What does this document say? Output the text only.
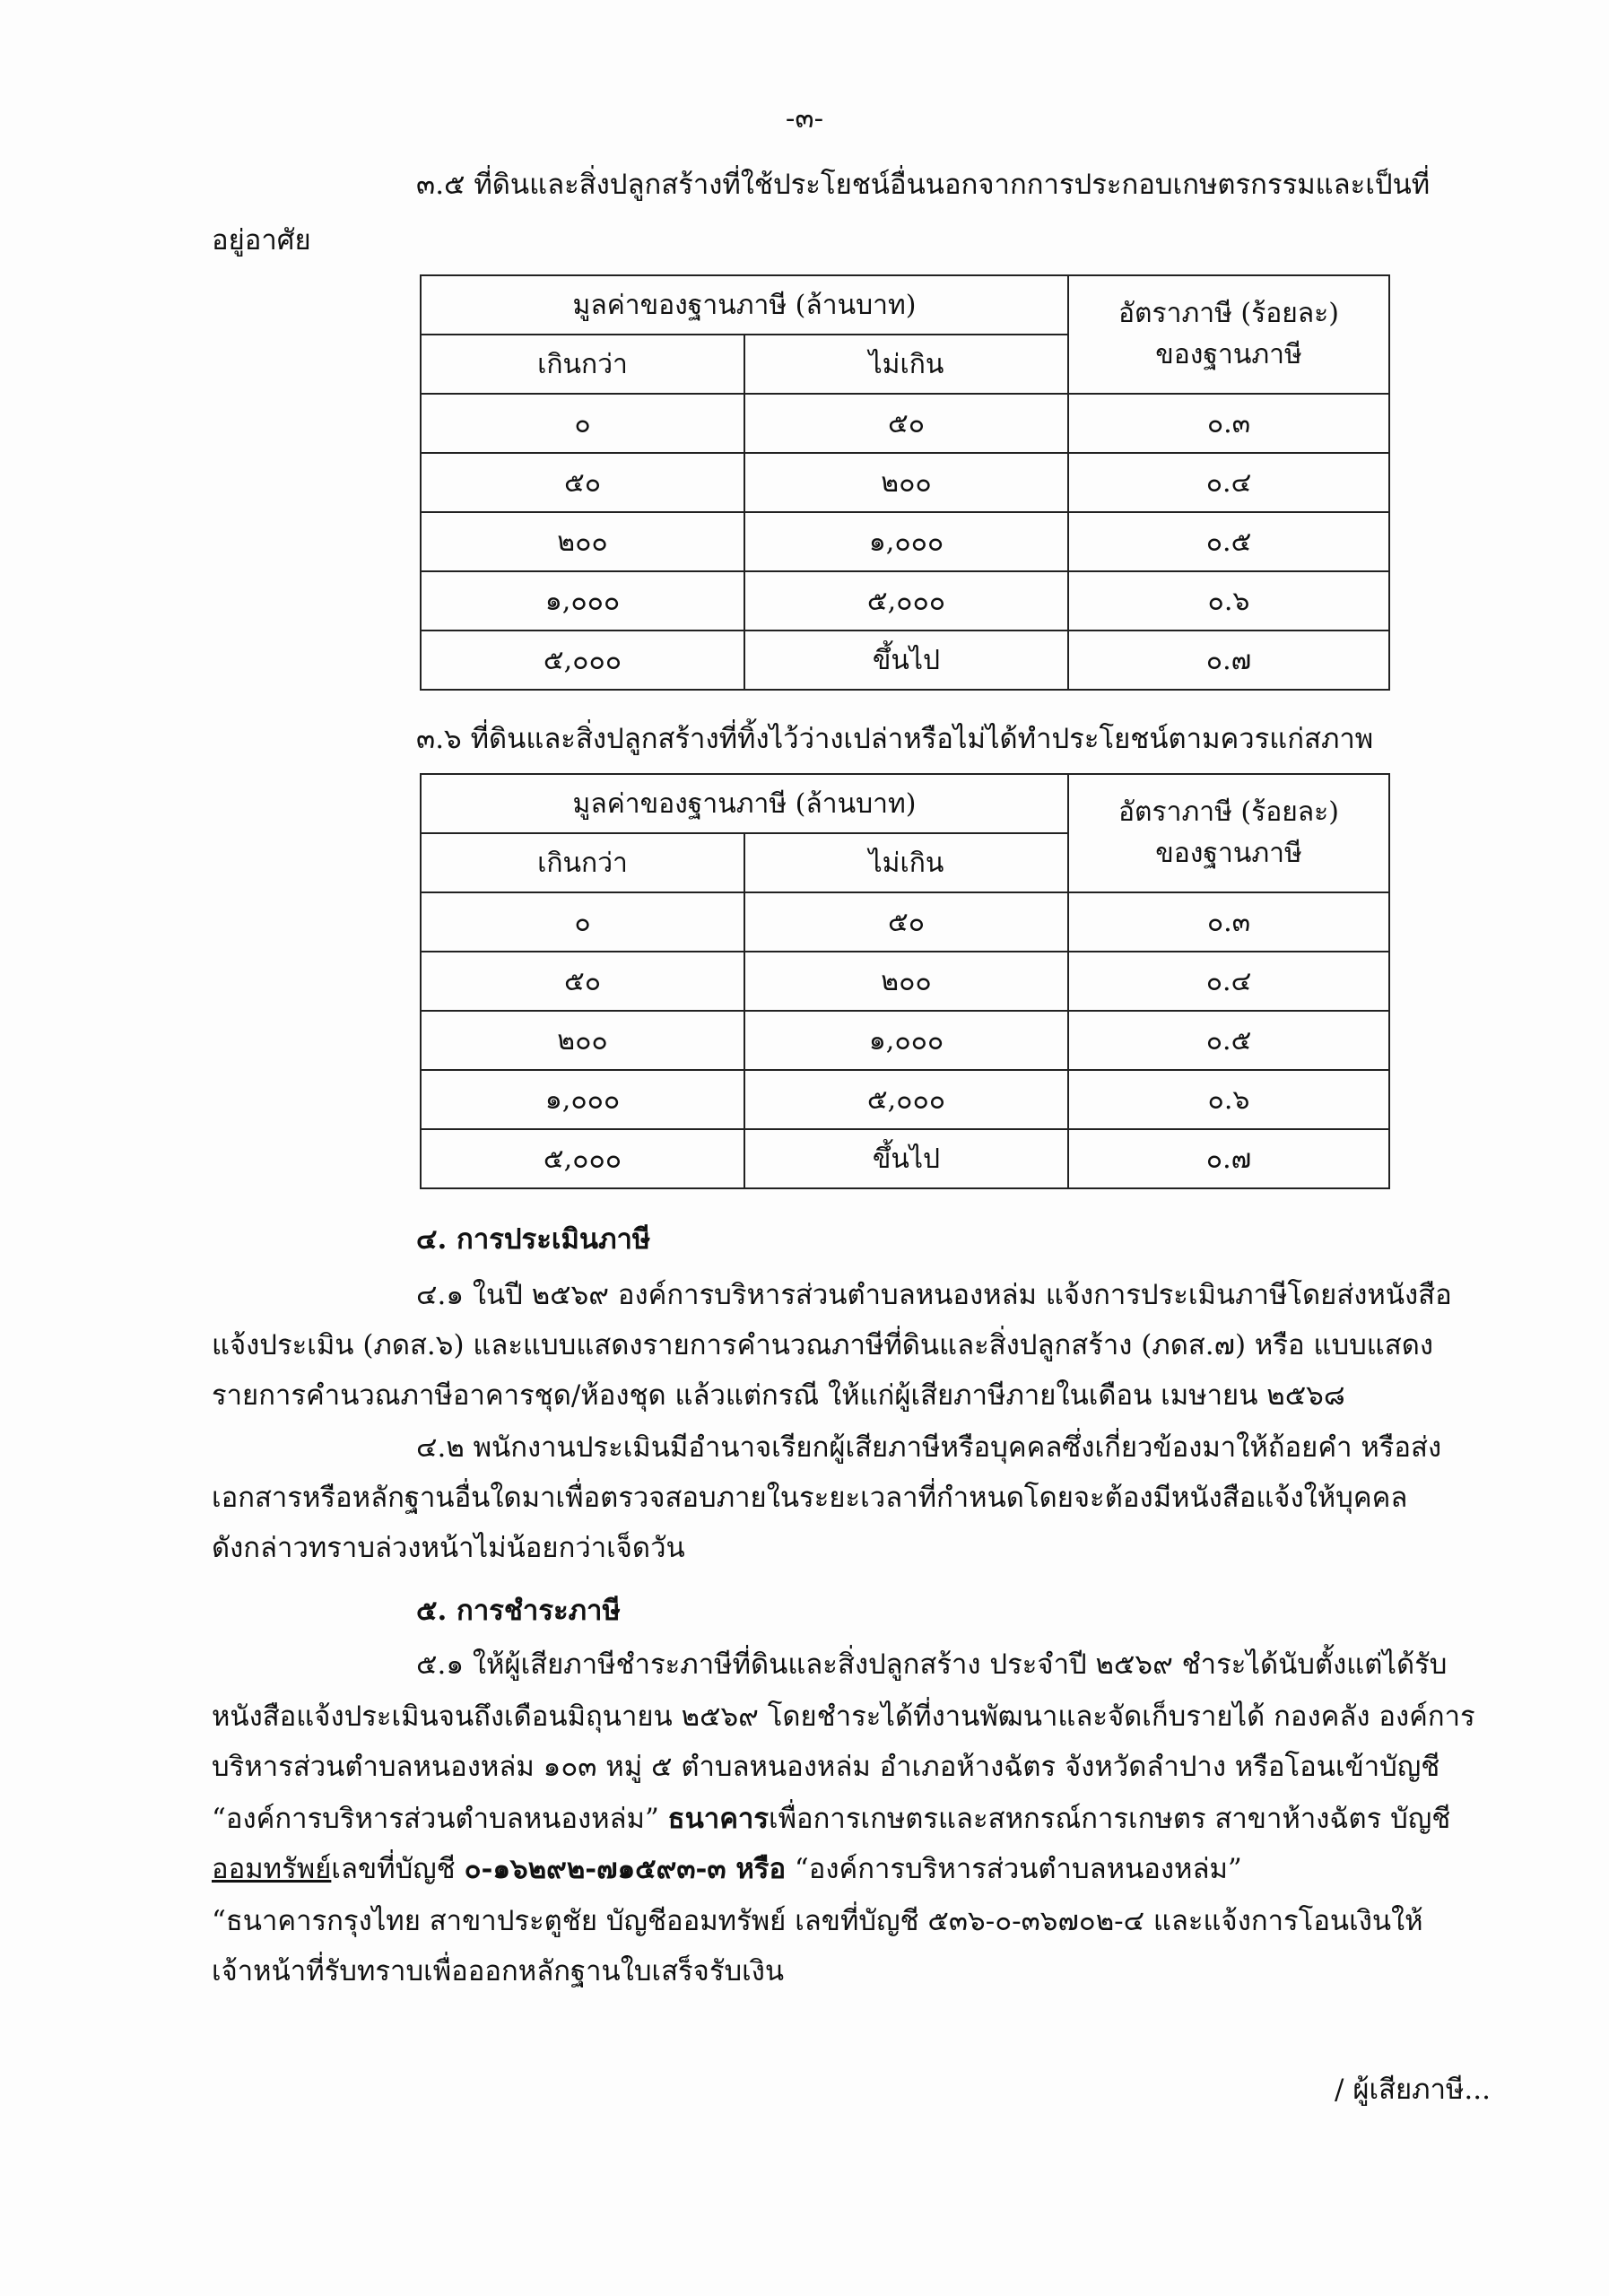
-๓-
๓.๕ ที่ดินและสิ่งปลูกสร้างที่ใช้ประโยชน์อื่นนอกจากการประกอบเกษตรกรรมและเป็นที่
อยู่อาศัย
มูลค่าของฐานภาษี (ล้านบาท)		อัตราภาษี (ร้อยละ)
ของฐานภาษี

เกินกว่า	ไม่เกิน	
๐	๕๐	๐.๓
๕๐	๒๐๐	๐.๔
๒๐๐	๑,๐๐๐	๐.๕
๑,๐๐๐	๕,๐๐๐	๐.๖
๕,๐๐๐	ขึ้นไป	๐.๗
๓.๖ ที่ดินและสิ่งปลูกสร้างที่ทิ้งไว้ว่างเปล่าหรือไม่ได้ทำประโยชน์ตามควรแก่สภาพ
มูลค่าของฐานภาษี (ล้านบาท)		อัตราภาษี (ร้อยละ)
ของฐานภาษี

เกินกว่า	ไม่เกิน	
๐	๕๐	๐.๓
๕๐	๒๐๐	๐.๔
๒๐๐	๑,๐๐๐	๐.๕
๑,๐๐๐	๕,๐๐๐	๐.๖
๕,๐๐๐	ขึ้นไป	๐.๗
๔. การประเมินภาษี
๔.๑ ในปี ๒๕๖๙ องค์การบริหารส่วนตำบลหนองหล่ม แจ้งการประเมินภาษีโดยส่งหนังสือ
แจ้งประเมิน (ภดส.๖) และแบบแสดงรายการคำนวณภาษีที่ดินและสิ่งปลูกสร้าง (ภดส.๗) หรือ แบบแสดง
รายการคำนวณภาษีอาคารชุด/ห้องชุด แล้วแต่กรณี ให้แก่ผู้เสียภาษีภายในเดือน เมษายน ๒๕๖๘
๔.๒ พนักงานประเมินมีอำนาจเรียกผู้เสียภาษีหรือบุคคลซึ่งเกี่ยวข้องมาให้ถ้อยคำ หรือส่ง
เอกสารหรือหลักฐานอื่นใดมาเพื่อตรวจสอบภายในระยะเวลาที่กำหนดโดยจะต้องมีหนังสือแจ้งให้บุคคล
ดังกล่าวทราบล่วงหน้าไม่น้อยกว่าเจ็ดวัน
๕. การชำระภาษี
๕.๑ ให้ผู้เสียภาษีชำระภาษีที่ดินและสิ่งปลูกสร้าง ประจำปี ๒๕๖๙ ชำระได้นับตั้งแต่ได้รับ
หนังสือแจ้งประเมินจนถึงเดือนมิถุนายน ๒๕๖๙ โดยชำระได้ที่งานพัฒนาและจัดเก็บรายได้ กองคลัง องค์การ
บริหารส่วนตำบลหนองหล่ม ๑๐๓ หมู่ ๕ ตำบลหนองหล่ม อำเภอห้างฉัตร จังหวัดลำปาง หรือโอนเข้าบัญชี
“องค์การบริหารส่วนตำบลหนองหล่ม” ธนาคารเพื่อการเกษตรและสหกรณ์การเกษตร สาขาห้างฉัตร บัญชี
ออมทรัพย์เลขที่บัญชี ๐-๑๖๒๙๒-๗๑๕๙๓-๓ หรือ “องค์การบริหารส่วนตำบลหนองหล่ม”
“ธนาคารกรุงไทย สาขาประตูชัย บัญชีออมทรัพย์ เลขที่บัญชี ๕๓๖-๐-๓๖๗๐๒-๔ และแจ้งการโอนเงินให้
เจ้าหน้าที่รับทราบเพื่อออกหลักฐานใบเสร็จรับเงิน
/ ผู้เสียภาษี...
